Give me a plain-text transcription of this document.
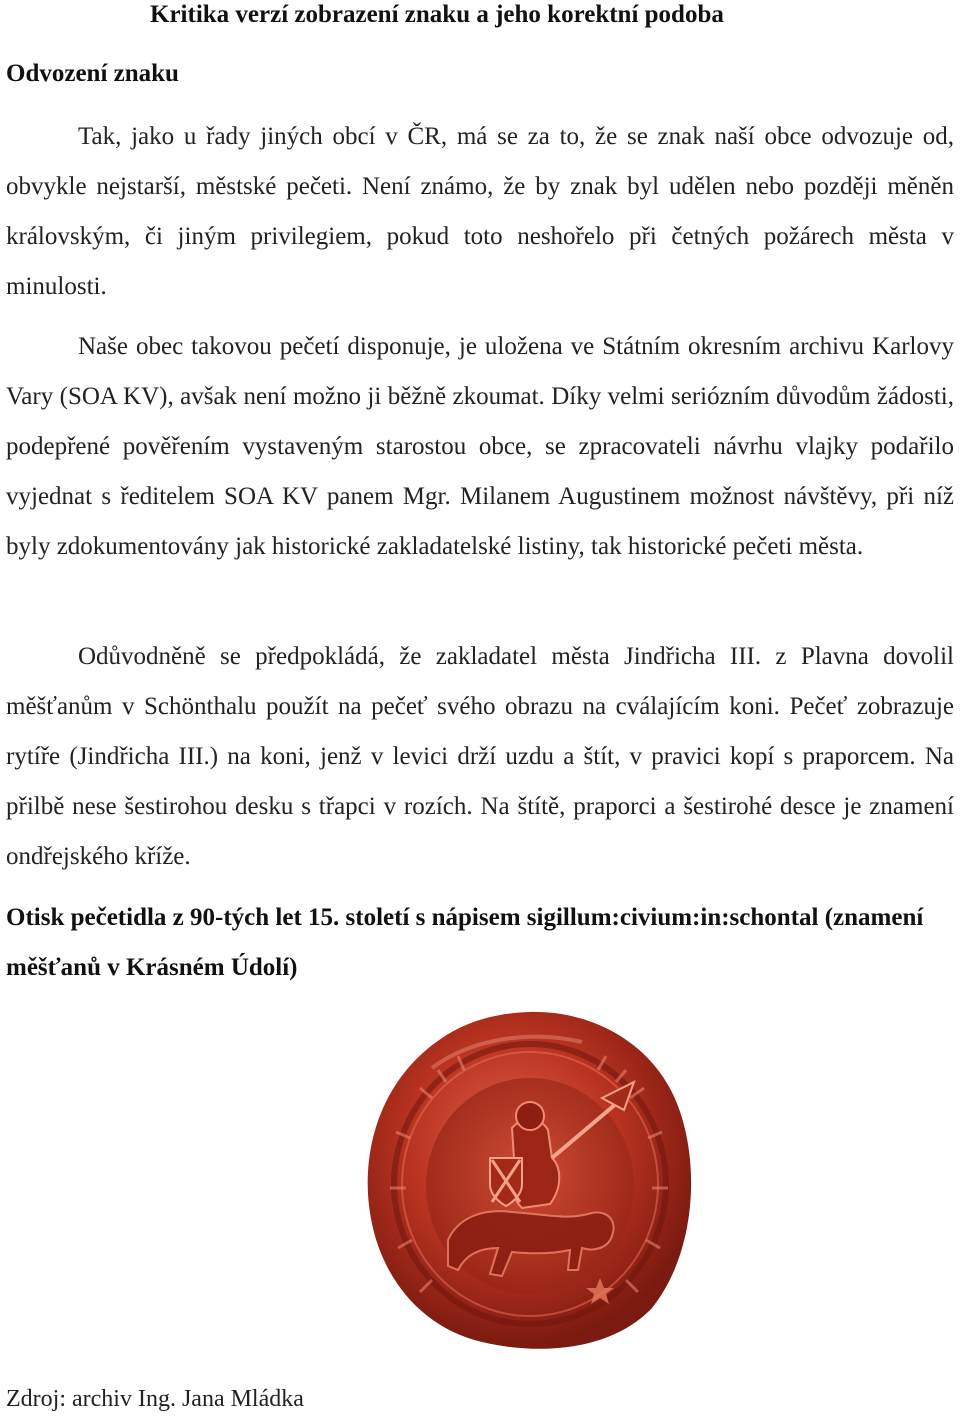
Kritika verzí zobrazení znaku a jeho korektní podoba
Odvození znaku

Tak, jako u řady jiných obcí v ČR, má se za to, že se znak naší obce odvozuje od, obvykle nejstarší, městské pečeti. Není známo, že by znak byl udělen nebo později měněn královským, či jiným privilegiem, pokud toto neshořelo při četných požárech města v minulosti.

Naše obec takovou pečetí disponuje, je uložena ve Státním okresním archivu Karlovy Vary (SOA KV), avšak není možno ji běžně zkoumat. Díky velmi seriózním důvodům žádosti, podepřené pověřením vystaveným starostou obce, se zpracovateli návrhu vlajky podařilo vyjednat s ředitelem SOA KV panem Mgr. Milanem Augustinem možnost návštěvy, při níž byly zdokumentovány jak historické zakladatelské listiny, tak historické pečeti města.

Odůvodněně se předpokládá, že zakladatel města Jindřicha III. z Plavna dovolil měšťanům v Schönthalu použít na pečeť svého obrazu na cválajícím koni. Pečeť zobrazuje rytíře (Jindřicha III.) na koni, jenž v levici drží uzdu a štít, v pravici kopí s praporcem. Na přilbě nese šestirohou desku s třapci v rozích. Na štítě, praporci a šestirohé desce je znamení ondřejského kříže.

Otisk pečetidla z 90-tých let 15. století s nápisem sigillum:civium:in:schontal (znamení měšťanů v Krásném Údolí)

Zdroj: archiv Ing. Jana Mládka
